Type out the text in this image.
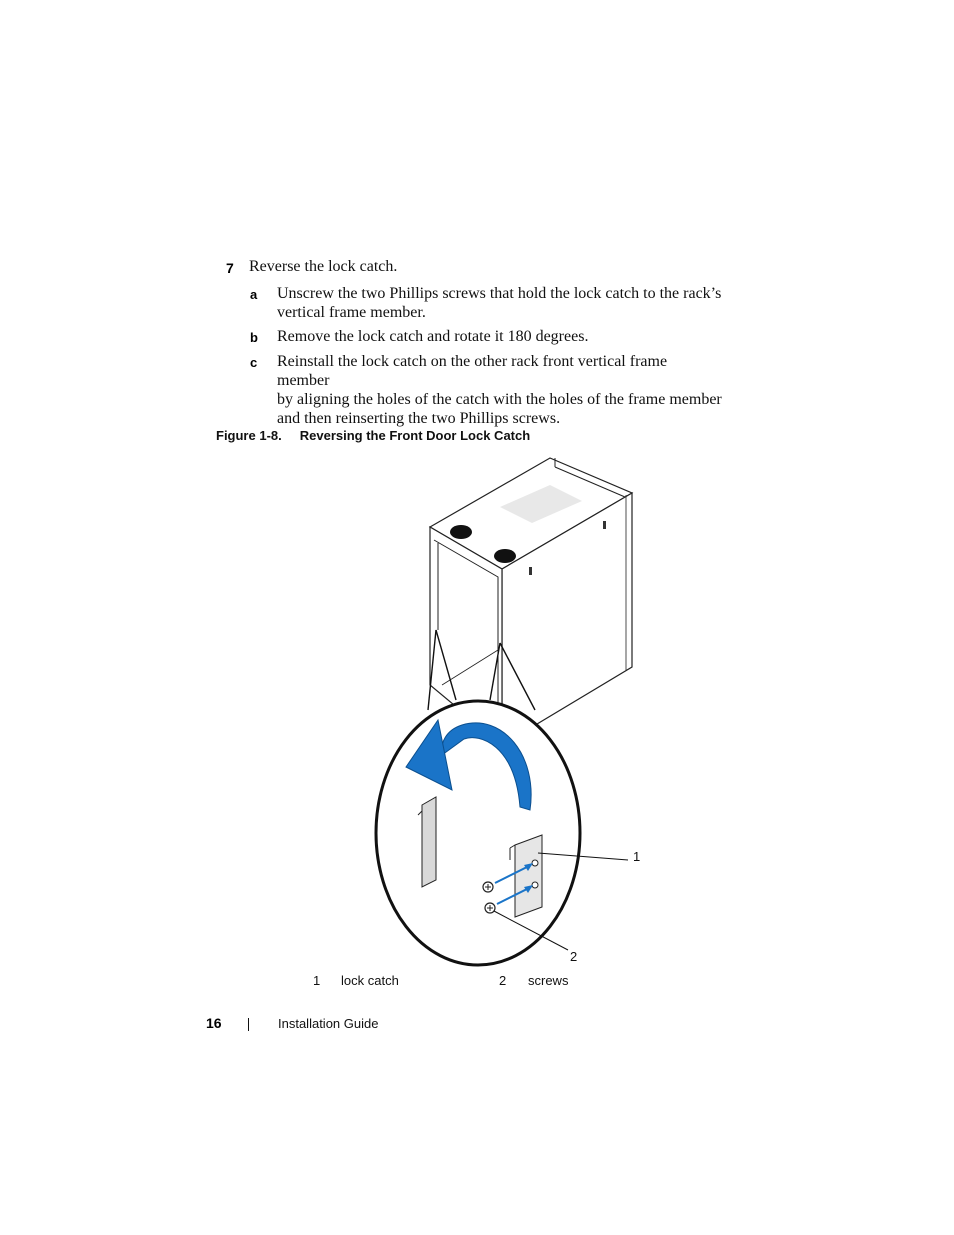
7 Reverse the lock catch.
a Unscrew the two Phillips screws that hold the lock catch to the rack’s
vertical frame member.
b Remove the lock catch and rotate it 180 degrees.
c Reinstall the lock catch on the other rack front vertical frame member
by aligning the holes of the catch with the holes of the frame member
and then reinserting the two Phillips screws.
Figure 1-8. Reversing the Front Door Lock Catch
1
2
1 lock catch	2 screws
16	Installation Guide
